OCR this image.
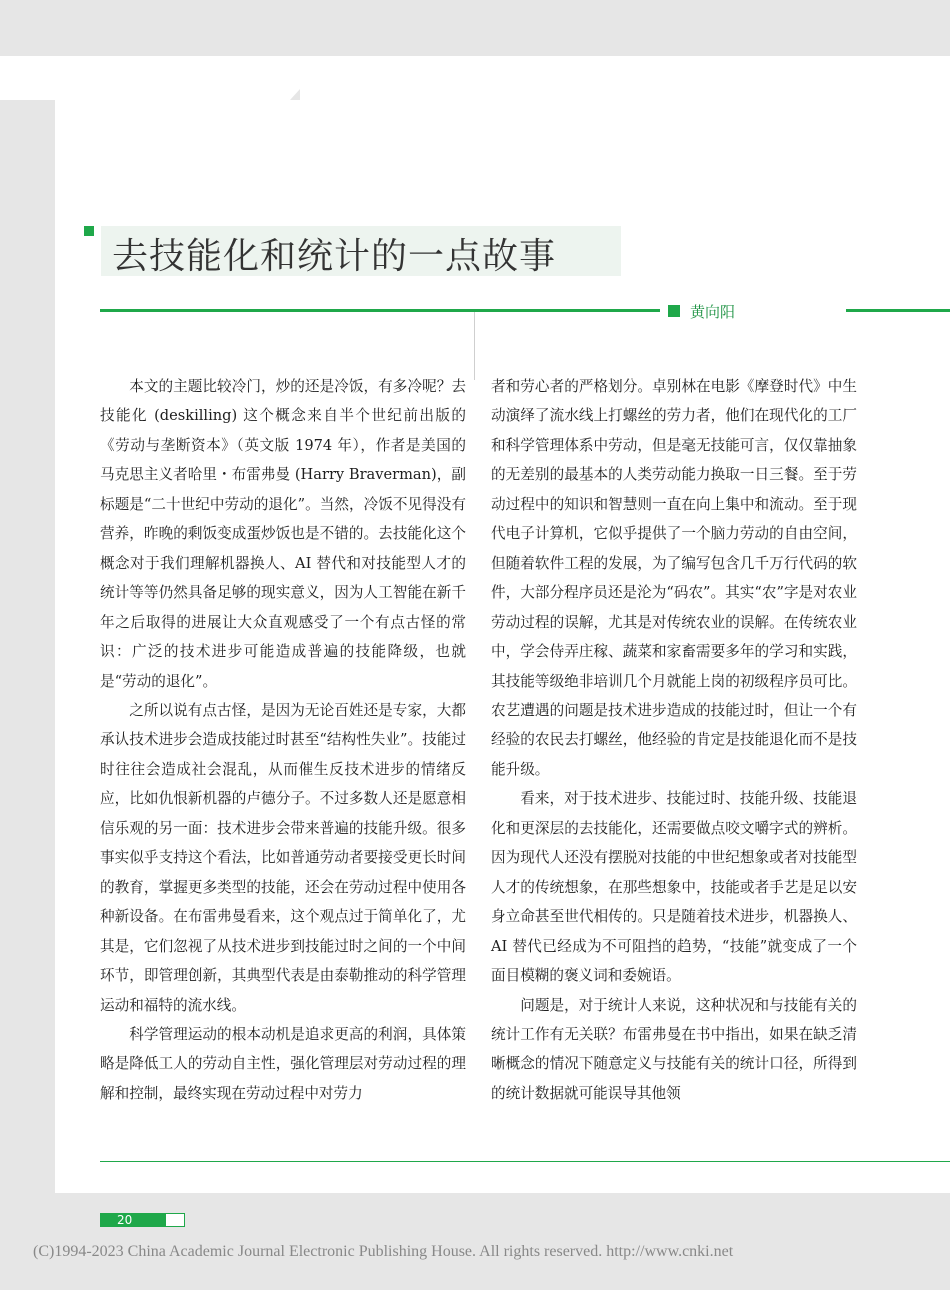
去技能化和统计的一点故事
黄向阳

本文的主题比较冷门，炒的还是冷饭，有多冷呢？去技能化 (deskilling) 这个概念来自半个世纪前出版的《劳动与垄断资本》（英文版 1974 年），作者是美国的马克思主义者哈里・布雷弗曼 (Harry Braverman)，副标题是“二十世纪中劳动的退化”。当然，冷饭不见得没有营养，昨晚的剩饭变成蛋炒饭也是不错的。去技能化这个概念对于我们理解机器换人、AI 替代和对技能型人才的统计等等仍然具备足够的现实意义，因为人工智能在新千年之后取得的进展让大众直观感受了一个有点古怪的常识：广泛的技术进步可能造成普遍的技能降级，也就是“劳动的退化”。

之所以说有点古怪，是因为无论百姓还是专家，大都承认技术进步会造成技能过时甚至“结构性失业”。技能过时往往会造成社会混乱，从而催生反技术进步的情绪反应，比如仇恨新机器的卢德分子。不过多数人还是愿意相信乐观的另一面：技术进步会带来普遍的技能升级。很多事实似乎支持这个看法，比如普通劳动者要接受更长时间的教育，掌握更多类型的技能，还会在劳动过程中使用各种新设备。在布雷弗曼看来，这个观点过于简单化了，尤其是，它们忽视了从技术进步到技能过时之间的一个中间环节，即管理创新，其典型代表是由泰勒推动的科学管理运动和福特的流水线。

科学管理运动的根本动机是追求更高的利润，具体策略是降低工人的劳动自主性，强化管理层对劳动过程的理解和控制，最终实现在劳动过程中对劳力

者和劳心者的严格划分。卓别林在电影《摩登时代》中生动演绎了流水线上打螺丝的劳力者，他们在现代化的工厂和科学管理体系中劳动，但是毫无技能可言，仅仅靠抽象的无差别的最基本的人类劳动能力换取一日三餐。至于劳动过程中的知识和智慧则一直在向上集中和流动。至于现代电子计算机，它似乎提供了一个脑力劳动的自由空间，但随着软件工程的发展，为了编写包含几千万行代码的软件，大部分程序员还是沦为“码农”。其实“农”字是对农业劳动过程的误解，尤其是对传统农业的误解。在传统农业中，学会侍弄庄稼、蔬菜和家畜需要多年的学习和实践，其技能等级绝非培训几个月就能上岗的初级程序员可比。农艺遭遇的问题是技术进步造成的技能过时，但让一个有经验的农民去打螺丝，他经验的肯定是技能退化而不是技能升级。

看来，对于技术进步、技能过时、技能升级、技能退化和更深层的去技能化，还需要做点咬文嚼字式的辨析。因为现代人还没有摆脱对技能的中世纪想象或者对技能型人才的传统想象，在那些想象中，技能或者手艺是足以安身立命甚至世代相传的。只是随着技术进步，机器换人、AI 替代已经成为不可阻挡的趋势，“技能”就变成了一个面目模糊的褒义词和委婉语。

问题是，对于统计人来说，这种状况和与技能有关的统计工作有无关联？布雷弗曼在书中指出，如果在缺乏清晰概念的情况下随意定义与技能有关的统计口径，所得到的统计数据就可能误导其他领

20
(C)1994-2023 China Academic Journal Electronic Publishing House. All rights reserved. http://www.cnki.net
